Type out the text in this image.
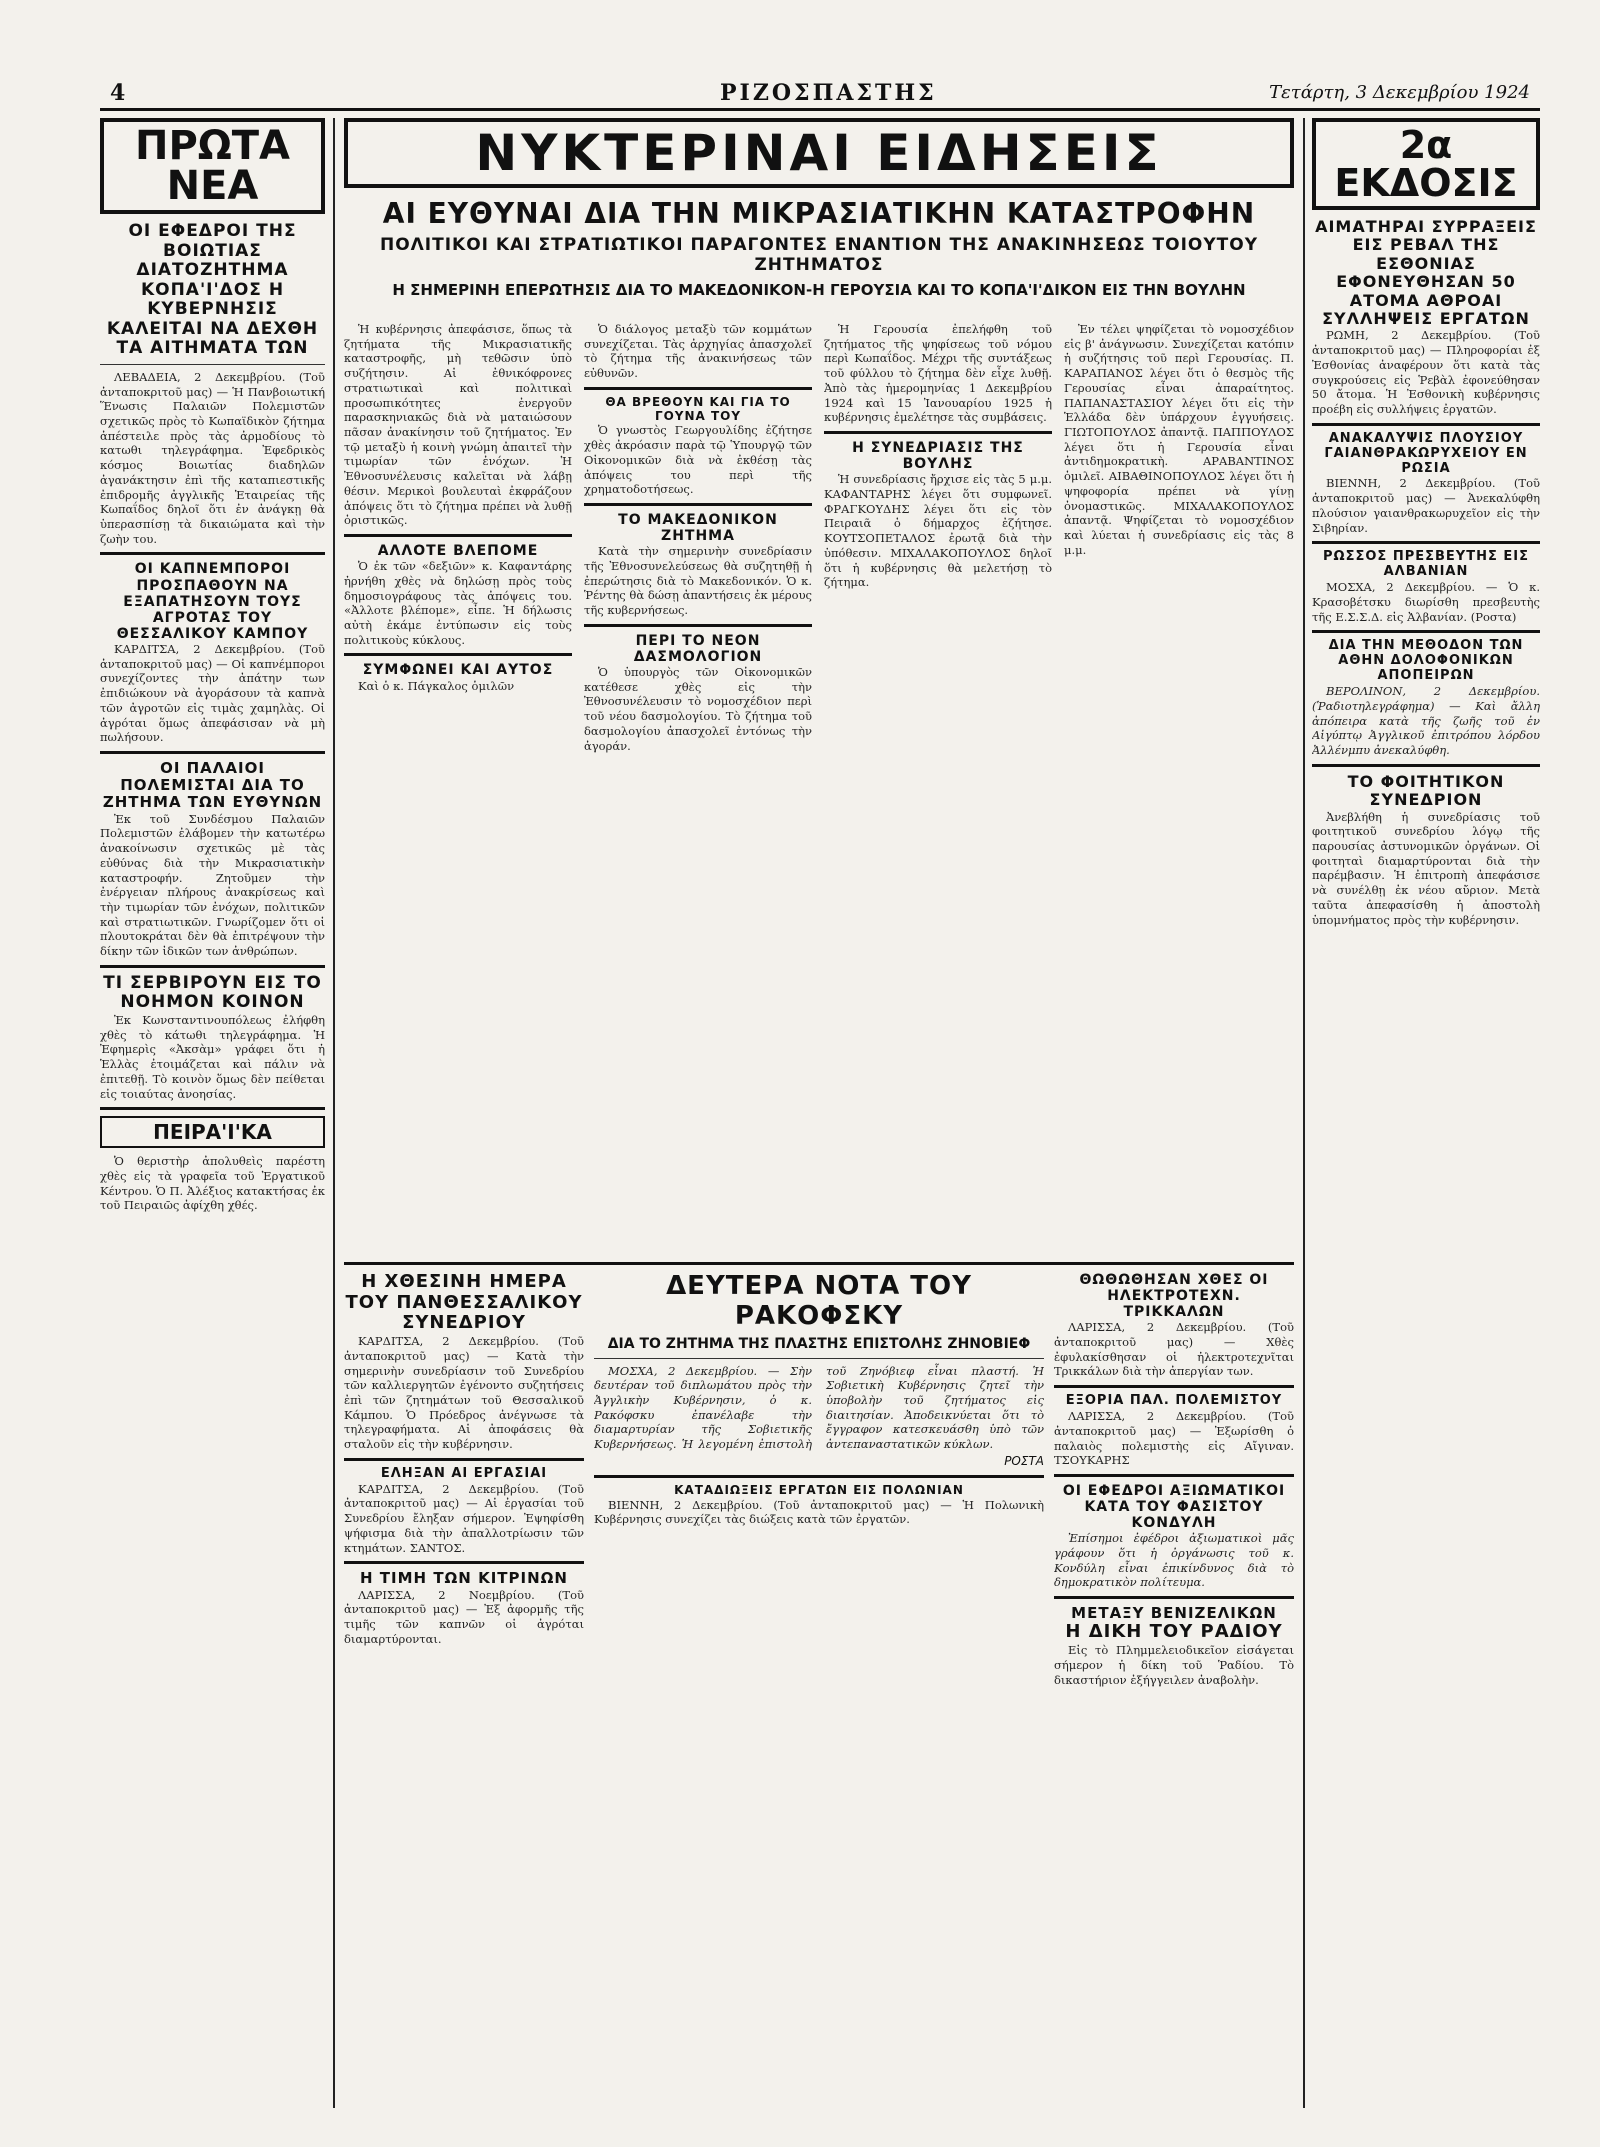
4	ΡΙΖΟΣΠΑΣΤΗΣ	Τετάρτη, 3 Δεκεμβρίου 1924
ΠΡΩΤΑ ΝΕΑ
ΟΙ ΕΦΕΔΡΟΙ ΤΗΣ ΒΟΙΩΤΙΑΣ ΔΙΑΤΟΖΗΤΗΜΑ ΚΟΠΑ'Ι'ΔΟΣ Η ΚΥΒΕΡΝΗΣΙΣ ΚΑΛΕΙΤΑΙ ΝΑ ΔΕΧΘΗ ΤΑ ΑΙΤΗΜΑΤΑ ΤΩΝ

ΛΕΒΑΔΕΙΑ, 2 Δεκεμβρίου. (Τοῦ ἀνταποκριτοῦ μας) — Ἡ Πανβοιωτική Ἕνωσις Παλαιῶν Πολεμιστῶν σχετικῶς πρὸς τὸ Κωπαϊδικὸν ζήτημα ἀπέστειλε πρὸς τὰς ἀρμοδίους τὸ κατωθι τηλεγράφημα. Ἐφεδρικὸς κόσμος Βοιωτίας διαδηλῶν ἀγανάκτησιν ἐπὶ τῆς καταπιεστικῆς ἐπιδρομῆς ἀγγλικῆς Ἑταιρείας τῆς Κωπαΐδος δηλοῖ ὅτι ἐν ἀνάγκῃ θὰ ὑπερασπίσῃ τὰ δικαιώματα καὶ τὴν ζωὴν του.

ΟΙ ΚΑΠΝΕΜΠΟΡΟΙ ΠΡΟΣΠΑΘΟΥΝ ΝΑ ΕΞΑΠΑΤΗΣΟΥΝ ΤΟΥΣ ΑΓΡΟΤΑΣ ΤΟΥ ΘΕΣΣΑΛΙΚΟΥ ΚΑΜΠΟΥ

ΚΑΡΔΙΤΣΑ, 2 Δεκεμβρίου. (Τοῦ ἀνταποκριτοῦ μας) — Οἱ καπνέμποροι συνεχίζοντες τὴν ἀπάτην των ἐπιδιώκουν νὰ ἀγοράσουν τὰ καπνὰ τῶν ἀγροτῶν εἰς τιμὰς χαμηλὰς. Οἱ ἀγρόται ὅμως ἀπεφάσισαν νὰ μὴ πωλήσουν.

ΟΙ ΠΑΛΑΙΟΙ ΠΟΛΕΜΙΣΤΑΙ ΔΙΑ ΤΟ ΖΗΤΗΜΑ ΤΩΝ ΕΥΘΥΝΩΝ

Ἐκ τοῦ Συνδέσμου Παλαιῶν Πολεμιστῶν ἐλάβομεν τὴν κατωτέρω ἀνακοίνωσιν σχετικῶς μὲ τὰς εὐθύνας διὰ τὴν Μικρασιατικὴν καταστροφήν. Ζητοῦμεν τὴν ἐνέργειαν πλήρους ἀνακρίσεως καὶ τὴν τιμωρίαν τῶν ἐνόχων, πολιτικῶν καὶ στρατιωτικῶν. Γνωρίζομεν ὅτι οἱ πλουτοκράται δὲν θὰ ἐπιτρέψουν τὴν δίκην τῶν ἰδικῶν των ἀνθρώπων.

ΤΙ ΣΕΡΒΙΡΟΥΝ ΕΙΣ ΤΟ ΝΟΗΜΟΝ ΚΟΙΝΟΝ

Ἐκ Κωνσταντινουπόλεως ἐλήφθη χθὲς τὸ κάτωθι τηλεγράφημα. Ἡ Ἐφημερὶς «Ἀκσὰμ» γράφει ὅτι ἡ Ἑλλὰς ἐτοιμάζεται καὶ πάλιν νὰ ἐπιτεθῇ. Τὸ κοινὸν ὅμως δὲν πείθεται εἰς τοιαύτας ἀνοησίας.

ΠΕΙΡΑ'Ι'ΚΑ

Ὁ θεριστὴρ ἀπολυθεὶς παρέστη χθὲς εἰς τὰ γραφεῖα τοῦ Ἐργατικοῦ Κέντρου. Ὁ Π. Ἀλέξιος κατακτήσας ἐκ τοῦ Πειραιῶς ἀφίχθη χθές.

ΝΥΚΤΕΡΙΝΑΙ ΕΙΔΗΣΕΙΣ
ΑΙ ΕΥΘΥΝΑΙ ΔΙΑ ΤΗΝ ΜΙΚΡΑΣΙΑΤΙΚΗΝ ΚΑΤΑΣΤΡΟΦΗΝ
ΠΟΛΙΤΙΚΟΙ ΚΑΙ ΣΤΡΑΤΙΩΤΙΚΟΙ ΠΑΡΑΓΟΝΤΕΣ ΕΝΑΝΤΙΟΝ ΤΗΣ ΑΝΑΚΙΝΗΣΕΩΣ ΤΟΙΟΥΤΟΥ ΖΗΤΗΜΑΤΟΣ
Η ΣΗΜΕΡΙΝΗ ΕΠΕΡΩΤΗΣΙΣ ΔΙΑ ΤΟ ΜΑΚΕΔΟΝΙΚΟΝ-Η ΓΕΡΟΥΣΙΑ ΚΑΙ ΤΟ ΚΟΠΑ'Ι'ΔΙΚΟΝ ΕΙΣ ΤΗΝ ΒΟΥΛΗΝ

Ἡ κυβέρνησις ἀπεφάσισε, ὅπως τὰ ζητήματα τῆς Μικρασιατικῆς καταστροφῆς, μὴ τεθῶσιν ὑπὸ συζήτησιν. Αἱ ἐθνικόφρονες στρατιωτικαὶ καὶ πολιτικαὶ προσωπικότητες ἐνεργοῦν παρασκηνιακῶς διὰ νὰ ματαιώσουν πᾶσαν ἀνακίνησιν τοῦ ζητήματος. Ἐν τῷ μεταξὺ ἡ κοινὴ γνώμη ἀπαιτεῖ τὴν τιμωρίαν τῶν ἐνόχων. Ἡ Ἐθνοσυνέλευσις καλεῖται νὰ λάβῃ θέσιν. Μερικοὶ βουλευταὶ ἐκφράζουν ἀπόψεις ὅτι τὸ ζήτημα πρέπει νὰ λυθῇ ὁριστικῶς.

ΑΛΛΟΤΕ ΒΛΕΠΟΜΕ

Ὁ ἐκ τῶν «δεξιῶν» κ. Καφαντάρης ἠρνήθη χθὲς νὰ δηλώσῃ πρὸς τοὺς δημοσιογράφους τὰς ἀπόψεις του. «Ἀλλοτε βλέπομε», εἶπε. Ἡ δήλωσις αὐτὴ ἐκάμε ἐντύπωσιν εἰς τοὺς πολιτικοὺς κύκλους.

ΣΥΜΦΩΝΕΙ ΚΑΙ ΑΥΤΟΣ

Καὶ ὁ κ. Πάγκαλος ὁμιλῶν

Ὁ διάλογος μεταξὺ τῶν κομμάτων συνεχίζεται. Τὰς ἀρχηγίας ἀπασχολεῖ τὸ ζήτημα τῆς ἀνακινήσεως τῶν εὐθυνῶν.

ΘΑ ΒΡΕΘΟΥΝ ΚΑΙ ΓΙΑ ΤΟ ΓΟΥΝΑ ΤΟΥ

Ὁ γνωστὸς Γεωργουλίδης ἐζήτησε χθὲς ἀκρόασιν παρὰ τῷ Ὑπουργῷ τῶν Οἰκονομικῶν διὰ νὰ ἐκθέσῃ τὰς ἀπόψεις του περὶ τῆς χρηματοδοτήσεως.

ΤΟ ΜΑΚΕΔΟΝΙΚΟΝ ΖΗΤΗΜΑ

Κατὰ τὴν σημερινὴν συνεδρίασιν τῆς Ἐθνοσυνελεύσεως θὰ συζητηθῇ ἡ ἐπερώτησις διὰ τὸ Μακεδονικόν. Ὁ κ. Ῥέντης θὰ δώσῃ ἀπαντήσεις ἐκ μέρους τῆς κυβερνήσεως.

ΠΕΡΙ ΤΟ ΝΕΟΝ ΔΑΣΜΟΛΟΓΙΟΝ

Ὁ ὑπουργὸς τῶν Οἰκονομικῶν κατέθεσε χθὲς εἰς τὴν Ἐθνοσυνέλευσιν τὸ νομοσχέδιον περὶ τοῦ νέου δασμολογίου. Τὸ ζήτημα τοῦ δασμολογίου ἀπασχολεῖ ἐντόνως τὴν ἀγοράν.

Ἡ Γερουσία ἐπελήφθη τοῦ ζητήματος τῆς ψηφίσεως τοῦ νόμου περὶ Κωπαΐδος. Μέχρι τῆς συντάξεως τοῦ φύλλου τὸ ζήτημα δὲν εἶχε λυθῇ. Ἀπὸ τὰς ἡμερομηνίας 1 Δεκεμβρίου 1924 καὶ 15 Ἰανουαρίου 1925 ἡ κυβέρνησις ἐμελέτησε τὰς συμβάσεις.

Η ΣΥΝΕΔΡΙΑΣΙΣ ΤΗΣ ΒΟΥΛΗΣ

Ἡ συνεδρίασις ἤρχισε εἰς τὰς 5 μ.μ. ΚΑΦΑΝΤΑΡΗΣ λέγει ὅτι συμφωνεῖ. ΦΡΑΓΚΟΥΔΗΣ λέγει ὅτι εἰς τὸν Πειραιᾶ ὁ δήμαρχος ἐζήτησε. ΚΟΥΤΣΟΠΕΤΑΛΟΣ ἐρωτᾷ διὰ τὴν ὑπόθεσιν. ΜΙΧΑΛΑΚΟΠΟΥΛΟΣ δηλοῖ ὅτι ἡ κυβέρνησις θὰ μελετήσῃ τὸ ζήτημα.

Ἐν τέλει ψηφίζεται τὸ νομοσχέδιον εἰς β' ἀνάγνωσιν. Συνεχίζεται κατόπιν ἡ συζήτησις τοῦ περὶ Γερουσίας. Π. ΚΑΡΑΠΑΝΟΣ λέγει ὅτι ὁ θεσμὸς τῆς Γερουσίας εἶναι ἀπαραίτητος. ΠΑΠΑΝΑΣΤΑΣΙΟΥ λέγει ὅτι εἰς τὴν Ἑλλάδα δὲν ὑπάρχουν ἐγγυήσεις. ΓΙΩΤΟΠΟΥΛΟΣ ἀπαντᾷ. ΠΑΠΠΟΥΛΟΣ λέγει ὅτι ἡ Γερουσία εἶναι ἀντιδημοκρατικὴ. ΑΡΑΒΑΝΤΙΝΟΣ ὁμιλεῖ. ΑΙΒΑΘΙΝΟΠΟΥΛΟΣ λέγει ὅτι ἡ ψηφοφορία πρέπει νὰ γίνῃ ὀνομαστικῶς. ΜΙΧΑΛΑΚΟΠΟΥΛΟΣ ἀπαντᾷ. Ψηφίζεται τὸ νομοσχέδιον καὶ λύεται ἡ συνεδρίασις εἰς τὰς 8 μ.μ.

Η ΧΘΕΣΙΝΗ ΗΜΕΡΑ ΤΟΥ ΠΑΝΘΕΣΣΑΛΙΚΟΥ ΣΥΝΕΔΡΙΟΥ

ΚΑΡΔΙΤΣΑ, 2 Δεκεμβρίου. (Τοῦ ἀνταποκριτοῦ μας) — Κατὰ τὴν σημερινὴν συνεδρίασιν τοῦ Συνεδρίου τῶν καλλιεργητῶν ἐγένοντο συζητήσεις ἐπὶ τῶν ζητημάτων τοῦ Θεσσαλικοῦ Κάμπου. Ὁ Πρόεδρος ἀνέγνωσε τὰ τηλεγραφήματα. Αἱ ἀποφάσεις θὰ σταλοῦν εἰς τὴν κυβέρνησιν.

ΕΛΗΞΑΝ ΑΙ ΕΡΓΑΣΙΑΙ

ΚΑΡΔΙΤΣΑ, 2 Δεκεμβρίου. (Τοῦ ἀνταποκριτοῦ μας) — Αἱ ἐργασίαι τοῦ Συνεδρίου ἔληξαν σήμερον. Ἐψηφίσθη ψήφισμα διὰ τὴν ἀπαλλοτρίωσιν τῶν κτημάτων. ΣΑΝΤΟΣ.

Η ΤΙΜΗ ΤΩΝ ΚΙΤΡΙΝΩΝ

ΛΑΡΙΣΣΑ, 2 Νοεμβρίου. (Τοῦ ἀνταποκριτοῦ μας) — Ἐξ ἀφορμῆς τῆς τιμῆς τῶν καπνῶν οἱ ἀγρόται διαμαρτύρονται.

ΔΕΥΤΕΡΑ ΝΟΤΑ ΤΟΥ ΡΑΚΟΦΣΚΥ
ΔΙΑ ΤΟ ΖΗΤΗΜΑ ΤΗΣ ΠΛΑΣΤΗΣ ΕΠΙΣΤΟΛΗΣ ΖΗΝΟΒΙΕΦ

ΜΟΣΧΑ, 2 Δεκεμβρίου. — Σὴν δευτέραν τοῦ διπλωμάτου πρὸς τὴν Ἀγγλικὴν Κυβέρνησιν, ὁ κ. Ρακόφσκυ ἐπανέλαβε τὴν διαμαρτυρίαν τῆς Σοβιετικῆς Κυβερνήσεως. Ἡ λεγομένη ἐπιστολὴ τοῦ Ζηνόβιεφ εἶναι πλαστή. Ἡ Σοβιετικὴ Κυβέρνησις ζητεῖ τὴν ὑποβολὴν τοῦ ζητήματος εἰς διαιτησίαν. Ἀποδεικνύεται ὅτι τὸ ἔγγραφον κατεσκευάσθη ὑπὸ τῶν ἀντεπαναστατικῶν κύκλων.

ΡΟΣΤΑ
ΚΑΤΑΔΙΩΞΕΙΣ ΕΡΓΑΤΩΝ ΕΙΣ ΠΟΛΩΝΙΑΝ

ΒΙΕΝΝΗ, 2 Δεκεμβρίου. (Τοῦ ἀνταποκριτοῦ μας) — Ἡ Πολωνικὴ Κυβέρνησις συνεχίζει τὰς διώξεις κατὰ τῶν ἐργατῶν.

ΘΩΘΩΘΗΣΑΝ ΧΘΕΣ ΟΙ ΗΛΕΚΤΡΟΤΕΧΝ. ΤΡΙΚΚΑΛΩΝ

ΛΑΡΙΣΣΑ, 2 Δεκεμβρίου. (Τοῦ ἀνταποκριτοῦ μας) — Χθὲς ἐφυλακίσθησαν οἱ ἠλεκτροτεχνῖται Τρικκάλων διὰ τὴν ἀπεργίαν των.

ΕΞΟΡΙΑ ΠΑΛ. ΠΟΛΕΜΙΣΤΟΥ

ΛΑΡΙΣΣΑ, 2 Δεκεμβρίου. (Τοῦ ἀνταποκριτοῦ μας) — Ἐξωρίσθη ὁ παλαιὸς πολεμιστὴς εἰς Αἴγιναν. ΤΣΟΥΚΑΡΗΣ

ΟΙ ΕΦΕΔΡΟΙ ΑΞΙΩΜΑΤΙΚΟΙ ΚΑΤΑ ΤΟΥ ΦΑΣΙΣΤΟΥ ΚΟΝΔΥΛΗ

Ἐπίσημοι ἐφέδροι ἀξιωματικοὶ μᾶς γράφουν ὅτι ἡ ὀργάνωσις τοῦ κ. Κονδύλη εἶναι ἐπικίνδυνος διὰ τὸ δημοκρατικὸν πολίτευμα.

ΜΕΤΑΞΥ ΒΕΝΙΖΕΛΙΚΩΝ
Η ΔΙΚΗ ΤΟΥ ΡΑΔΙΟΥ

Εἰς τὸ Πλημμελειοδικεῖον εἰσάγεται σήμερον ἡ δίκη τοῦ Ῥαδίου. Τὸ δικαστήριον ἐξήγγειλεν ἀναβολὴν.

2α ΕΚΔΟΣΙΣ
ΑΙΜΑΤΗΡΑΙ ΣΥΡΡΑΞΕΙΣ ΕΙΣ ΡΕΒΑΛ ΤΗΣ ΕΣΘΟΝΙΑΣ ΕΦΟΝΕΥΘΗΣΑΝ 50 ΑΤΟΜΑ ΑΘΡΟΑΙ ΣΥΛΛΗΨΕΙΣ ΕΡΓΑΤΩΝ

ΡΩΜΗ, 2 Δεκεμβρίου. (Τοῦ ἀνταποκριτοῦ μας) — Πληροφορίαι ἐξ Ἐσθονίας ἀναφέρουν ὅτι κατὰ τὰς συγκρούσεις εἰς Ῥεβὰλ ἐφονεύθησαν 50 ἄτομα. Ἡ Ἐσθονικὴ κυβέρνησις προέβη εἰς συλλήψεις ἐργατῶν.

ΑΝΑΚΑΛΥΨΙΣ ΠΛΟΥΣΙΟΥ ΓΑΙΑΝΘΡΑΚΩΡΥΧΕΙΟΥ ΕΝ ΡΩΣΙΑ

ΒΙΕΝΝΗ, 2 Δεκεμβρίου. (Τοῦ ἀνταποκριτοῦ μας) — Ἀνεκαλύφθη πλούσιον γαιανθρακωρυχεῖον εἰς τὴν Σιβηρίαν.

ΡΩΣΣΟΣ ΠΡΕΣΒΕΥΤΗΣ ΕΙΣ ΑΛΒΑΝΙΑΝ

ΜΟΣΧΑ, 2 Δεκεμβρίου. — Ὁ κ. Κρασοβέτσκυ διωρίσθη πρεσβευτὴς τῆς Ε.Σ.Σ.Δ. εἰς Ἀλβανίαν. (Ροστα)

ΔΙΑ ΤΗΝ ΜΕΘΟΔΟΝ ΤΩΝ ΑΘΗΝ ΔΟΛΟΦΟΝΙΚΩΝ ΑΠΟΠΕΙΡΩΝ

ΒΕΡΟΛΙΝΟΝ, 2 Δεκεμβρίου. (Ῥαδιοτηλεγράφημα) — Καὶ ἄλλη ἀπόπειρα κατὰ τῆς ζωῆς τοῦ ἐν Αἰγύπτῳ Ἀγγλικοῦ ἐπιτρόπου λόρδου Ἀλλένμπυ ἀνεκαλύφθη.

ΤΟ ΦΟΙΤΗΤΙΚΟΝ ΣΥΝΕΔΡΙΟΝ

Ἀνεβλήθη ἡ συνεδρίασις τοῦ φοιτητικοῦ συνεδρίου λόγῳ τῆς παρουσίας ἀστυνομικῶν ὀργάνων. Οἱ φοιτηταὶ διαμαρτύρονται διὰ τὴν παρέμβασιν. Ἡ ἐπιτροπὴ ἀπεφάσισε νὰ συνέλθῃ ἐκ νέου αὔριον. Μετὰ ταῦτα ἀπεφασίσθη ἡ ἀποστολὴ ὑπομνήματος πρὸς τὴν κυβέρνησιν.
